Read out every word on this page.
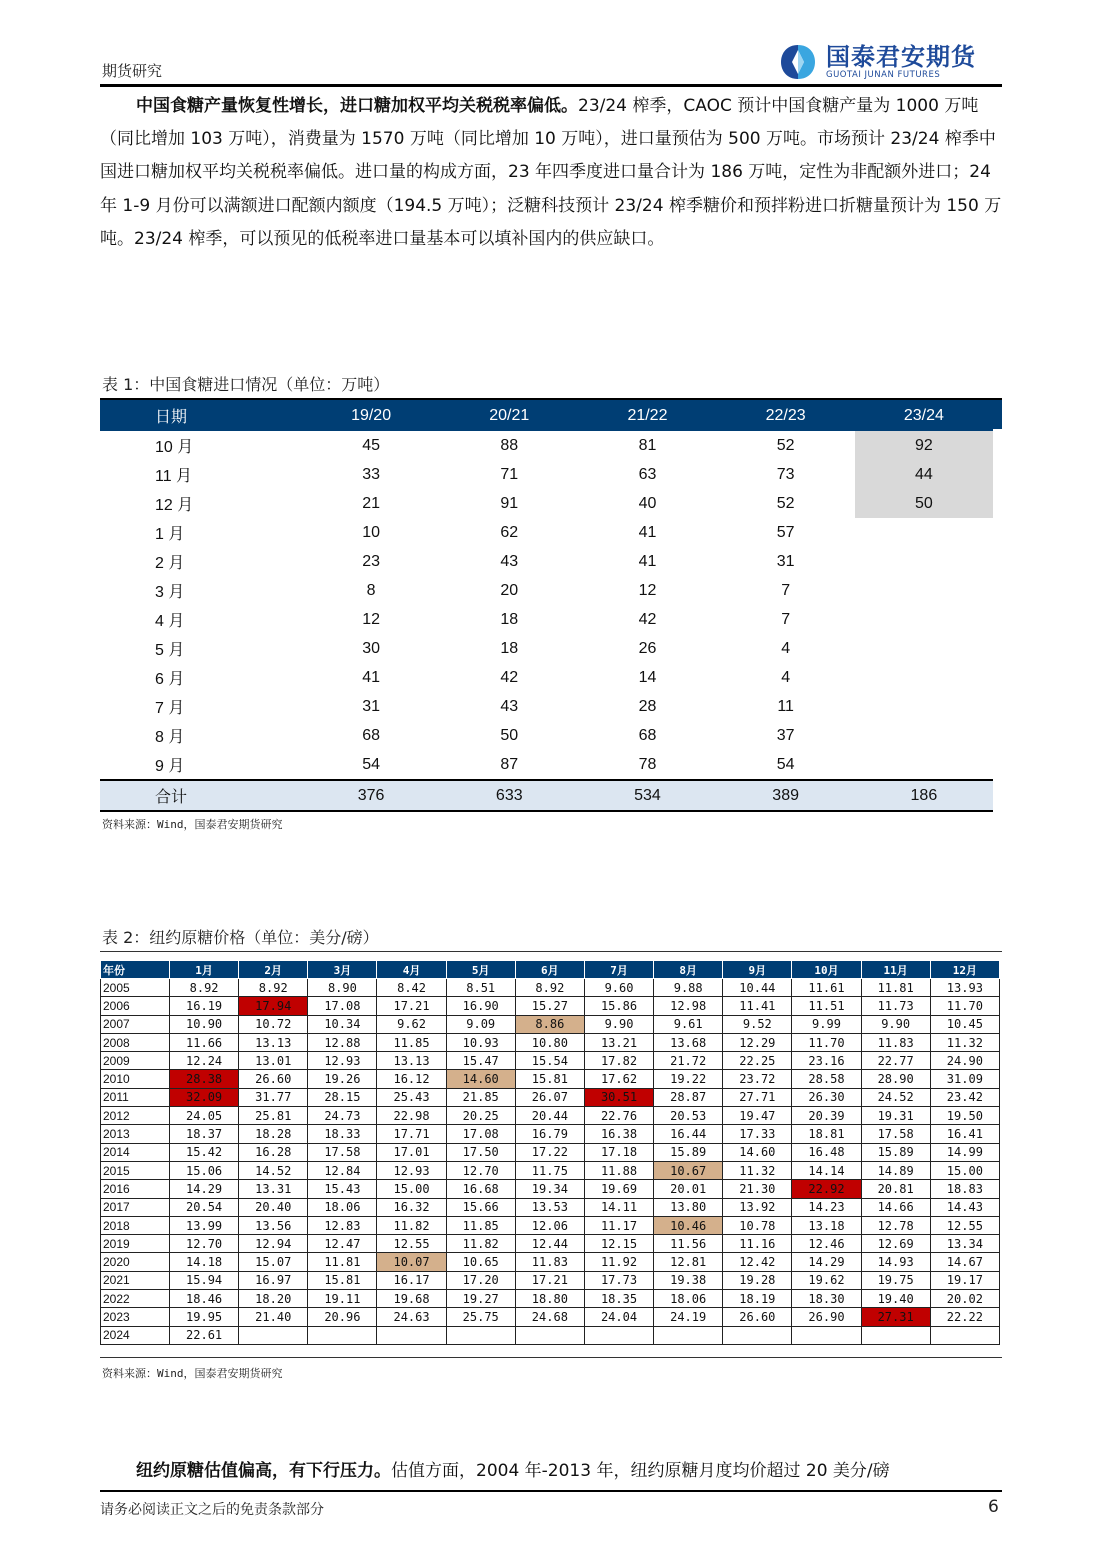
期货研究	国泰君安期货
GUOTAI JUNAN FUTURES
中国食糖产量恢复性增长，进口糖加权平均关税税率偏低。23/24 榨季，CAOC 预计中国食糖产量为 1000 万吨（同比增加 103 万吨），消费量为 1570 万吨（同比增加 10 万吨），进口量预估为 500 万吨。市场预计 23/24 榨季中国进口糖加权平均关税税率偏低。进口量的构成方面，23 年四季度进口量合计为 186 万吨，定性为非配额外进口；24 年 1-9 月份可以满额进口配额内额度（194.5 万吨）；泛糖科技预计 23/24 榨季糖价和预拌粉进口折糖量预计为 150 万吨。23/24 榨季，可以预见的低税率进口量基本可以填补国内的供应缺口。
表 1：中国食糖进口情况（单位：万吨）
日期	19/20	20/21	21/22	22/23	23/24
10 月	45	88	81	52	92
11 月	33	71	63	73	44
12 月	21	91	40	52	50
1 月	10	62	41	57	
2 月	23	43	41	31	
3 月	8	20	12	7	
4 月	12	18	42	7	
5 月	30	18	26	4	
6 月	41	42	14	4	
7 月	31	43	28	11	
8 月	68	50	68	37	
9 月	54	87	78	54	
合计	376	633	534	389	186
资料来源：Wind，国泰君安期货研究
表 2：纽约原糖价格（单位：美分/磅）
年份	1月	2月	3月	4月	5月	6月	7月	8月	9月	10月	11月	12月
2005	8.92	8.92	8.90	8.42	8.51	8.92	9.60	9.88	10.44	11.61	11.81	13.93
2006	16.19	17.94	17.08	17.21	16.90	15.27	15.86	12.98	11.41	11.51	11.73	11.70
2007	10.90	10.72	10.34	9.62	9.09	8.86	9.90	9.61	9.52	9.99	9.90	10.45
2008	11.66	13.13	12.88	11.85	10.93	10.80	13.21	13.68	12.29	11.70	11.83	11.32
2009	12.24	13.01	12.93	13.13	15.47	15.54	17.82	21.72	22.25	23.16	22.77	24.90
2010	28.38	26.60	19.26	16.12	14.60	15.81	17.62	19.22	23.72	28.58	28.90	31.09
2011	32.09	31.77	28.15	25.43	21.85	26.07	30.51	28.87	27.71	26.30	24.52	23.42
2012	24.05	25.81	24.73	22.98	20.25	20.44	22.76	20.53	19.47	20.39	19.31	19.50
2013	18.37	18.28	18.33	17.71	17.08	16.79	16.38	16.44	17.33	18.81	17.58	16.41
2014	15.42	16.28	17.58	17.01	17.50	17.22	17.18	15.89	14.60	16.48	15.89	14.99
2015	15.06	14.52	12.84	12.93	12.70	11.75	11.88	10.67	11.32	14.14	14.89	15.00
2016	14.29	13.31	15.43	15.00	16.68	19.34	19.69	20.01	21.30	22.92	20.81	18.83
2017	20.54	20.40	18.06	16.32	15.66	13.53	14.11	13.80	13.92	14.23	14.66	14.43
2018	13.99	13.56	12.83	11.82	11.85	12.06	11.17	10.46	10.78	13.18	12.78	12.55
2019	12.70	12.94	12.47	12.55	11.82	12.44	12.15	11.56	11.16	12.46	12.69	13.34
2020	14.18	15.07	11.81	10.07	10.65	11.83	11.92	12.81	12.42	14.29	14.93	14.67
2021	15.94	16.97	15.81	16.17	17.20	17.21	17.73	19.38	19.28	19.62	19.75	19.17
2022	18.46	18.20	19.11	19.68	19.27	18.80	18.35	18.06	18.19	18.30	19.40	20.02
2023	19.95	21.40	20.96	24.63	25.75	24.68	24.04	24.19	26.60	26.90	27.31	22.22
2024	22.61											
资料来源：Wind，国泰君安期货研究
纽约原糖估值偏高，有下行压力。估值方面，2004 年-2013 年，纽约原糖月度均价超过 20 美分/磅
请务必阅读正文之后的免责条款部分	6
